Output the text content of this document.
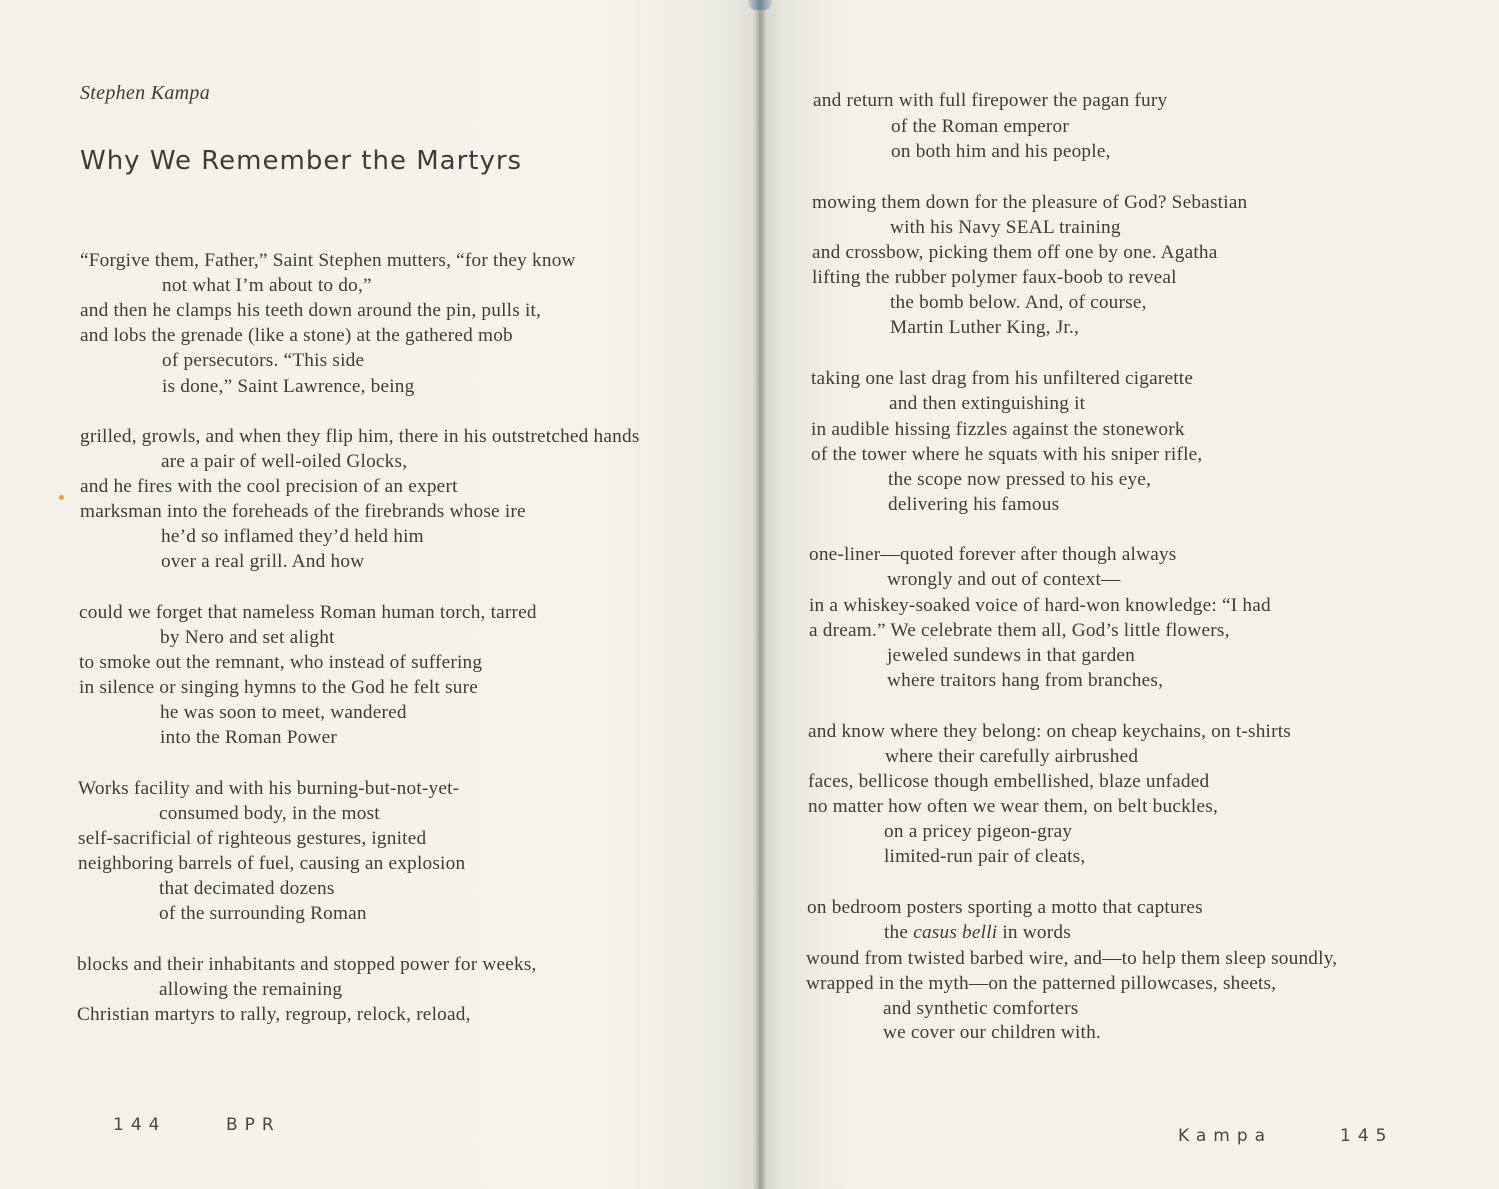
Stephen Kampa
Why We Remember the Martyrs
“Forgive them, Father,” Saint Stephen mutters, “for they know
not what I’m about to do,”
and then he clamps his teeth down around the pin, pulls it,
and lobs the grenade (like a stone) at the gathered mob
of persecutors. “This side
is done,” Saint Lawrence, being
grilled, growls, and when they flip him, there in his outstretched hands
are a pair of well-oiled Glocks,
and he fires with the cool precision of an expert
marksman into the foreheads of the firebrands whose ire
he’d so inflamed they’d held him
over a real grill. And how
could we forget that nameless Roman human torch, tarred
by Nero and set alight
to smoke out the remnant, who instead of suffering
in silence or singing hymns to the God he felt sure
he was soon to meet, wandered
into the Roman Power
Works facility and with his burning-but-not-yet-
consumed body, in the most
self-sacrificial of righteous gestures, ignited
neighboring barrels of fuel, causing an explosion
that decimated dozens
of the surrounding Roman
blocks and their inhabitants and stopped power for weeks,
allowing the remaining
Christian martyrs to rally, regroup, relock, reload,
144	BPR
and return with full firepower the pagan fury
of the Roman emperor
on both him and his people,
mowing them down for the pleasure of God? Sebastian
with his Navy SEAL training
and crossbow, picking them off one by one. Agatha
lifting the rubber polymer faux-boob to reveal
the bomb below. And, of course,
Martin Luther King, Jr.,
taking one last drag from his unfiltered cigarette
and then extinguishing it
in audible hissing fizzles against the stonework
of the tower where he squats with his sniper rifle,
the scope now pressed to his eye,
delivering his famous
one-liner—quoted forever after though always
wrongly and out of context—
in a whiskey-soaked voice of hard-won knowledge: “I had
a dream.” We celebrate them all, God’s little flowers,
jeweled sundews in that garden
where traitors hang from branches,
and know where they belong: on cheap keychains, on t-shirts
where their carefully airbrushed
faces, bellicose though embellished, blaze unfaded
no matter how often we wear them, on belt buckles,
on a pricey pigeon-gray
limited-run pair of cleats,
on bedroom posters sporting a motto that captures
the casus belli in words
wound from twisted barbed wire, and—to help them sleep soundly,
wrapped in the myth—on the patterned pillowcases, sheets,
and synthetic comforters
we cover our children with.
Kampa	145
